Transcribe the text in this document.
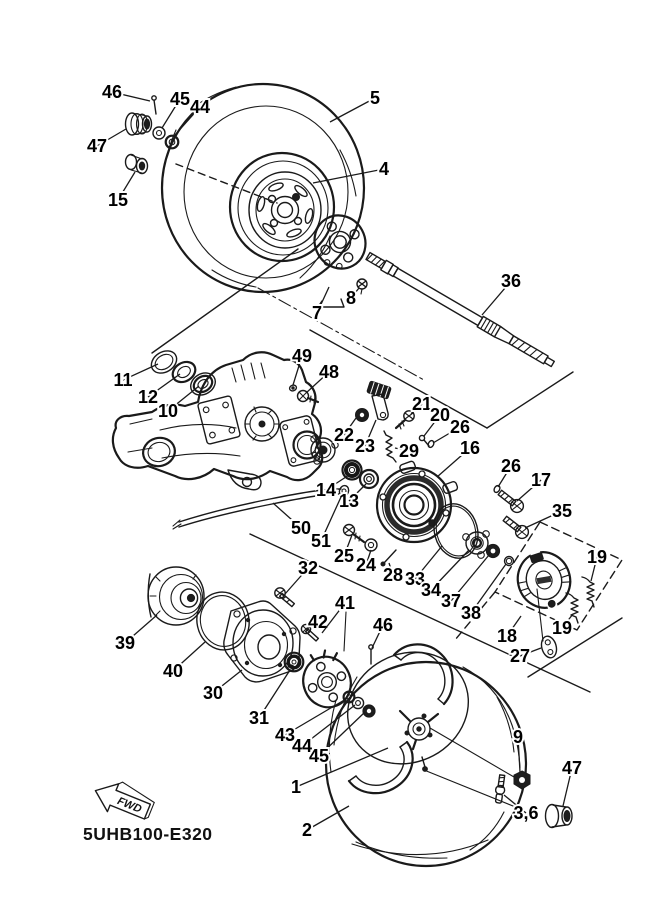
FWD
5UHB100-E320
46	45 44
47
15
5
4
36
8
7
11
12
10
49
48
22
23
21
20
26
29 16
14
13
50
51
25 24 28 33
34
37
38
26
17
35
19
19
18
27
39
40
30
31
32
42
41
46
43
44
45
1
2
3,6
9
47
